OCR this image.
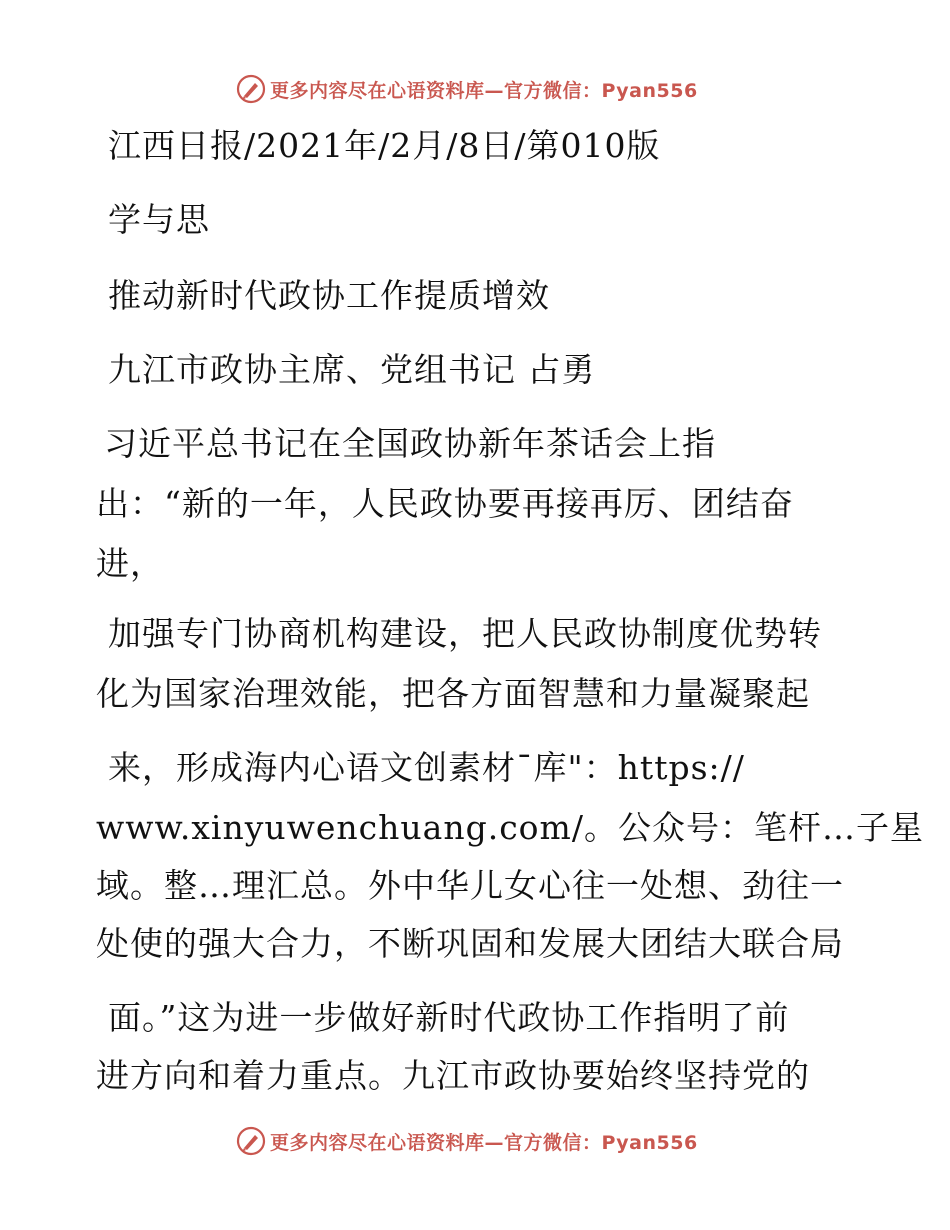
更多内容尽在心语资料库—官方微信：Pyan556
江西日报/2021年/2月/8日/第010版
学与思
推动新时代政协工作提质增效
九江市政协主席、党组书记 占勇
习近平总书记在全国政协新年茶话会上指
出：“新的一年，人民政协要再接再厉、团结奋
进，
加强专门协商机构建设，把人民政协制度优势转
化为国家治理效能，把各方面智慧和力量凝聚起
来，形成海内心语文创素材¯库"：https://
www.xinyuwenchuang.com/。公众号：笔杆…子星
域。整…理汇总。外中华儿女心往一处想、劲往一
处使的强大合力，不断巩固和发展大团结大联合局
面。”这为进一步做好新时代政协工作指明了前
进方向和着力重点。九江市政协要始终坚持党的
更多内容尽在心语资料库—官方微信：Pyan556
